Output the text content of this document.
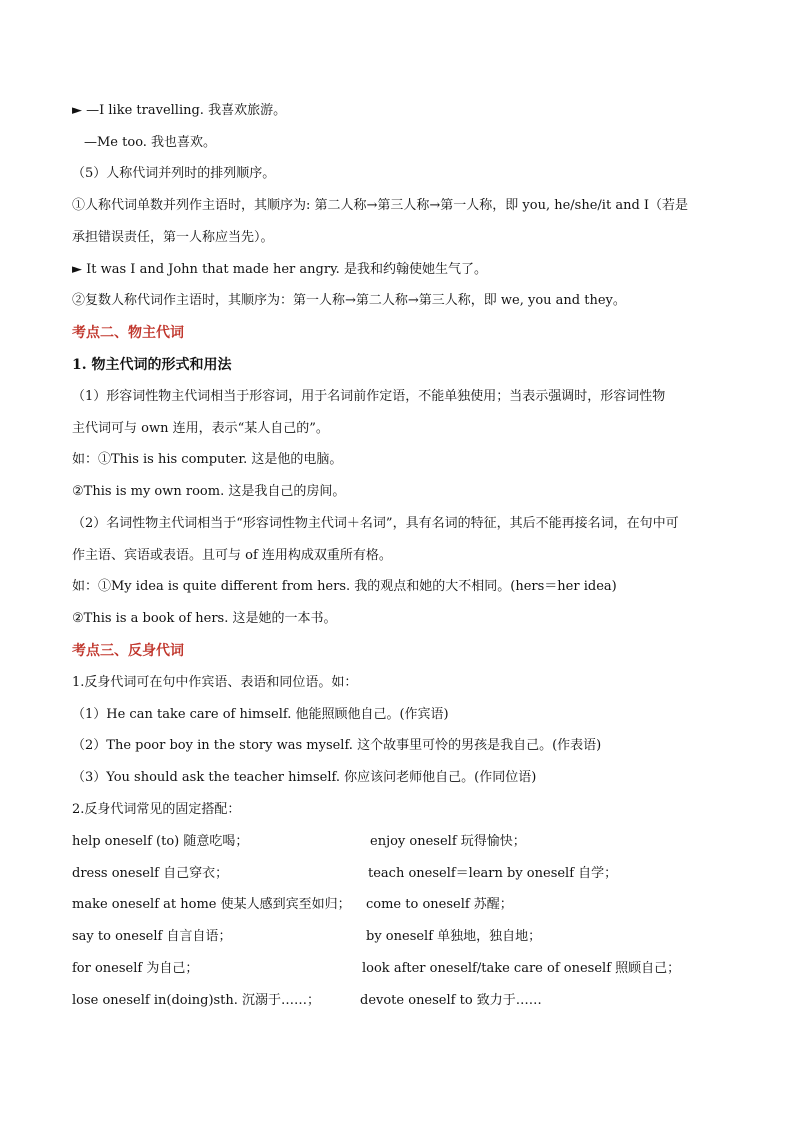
► —I like travelling. 我喜欢旅游。
—Me too. 我也喜欢。
（5）人称代词并列时的排列顺序。
①人称代词单数并列作主语时，其顺序为: 第二人称→第三人称→第一人称，即 you, he/she/it and I（若是
承担错误责任，第一人称应当先）。
► It was I and John that made her angry. 是我和约翰使她生气了。
②复数人称代词作主语时，其顺序为：第一人称→第二人称→第三人称，即 we, you and they。
考点二、物主代词
1. 物主代词的形式和用法
（1）形容词性物主代词相当于形容词，用于名词前作定语，不能单独使用；当表示强调时，形容词性物
主代词可与 own 连用，表示“某人自己的”。
如：①This is his computer. 这是他的电脑。
②This is my own room. 这是我自己的房间。
（2）名词性物主代词相当于“形容词性物主代词＋名词”，具有名词的特征，其后不能再接名词，在句中可
作主语、宾语或表语。且可与 of 连用构成双重所有格。
如：①My idea is quite different from hers. 我的观点和她的大不相同。(hers＝her idea)
②This is a book of hers. 这是她的一本书。
考点三、反身代词
1.反身代词可在句中作宾语、表语和同位语。如：
（1）He can take care of himself. 他能照顾他自己。(作宾语)
（2）The poor boy in the story was myself. 这个故事里可怜的男孩是我自己。(作表语)
（3）You should ask the teacher himself. 你应该问老师他自己。(作同位语)
2.反身代词常见的固定搭配：
help oneself (to) 随意吃喝；	enjoy oneself 玩得愉快；
dress oneself 自己穿衣；	teach oneself＝learn by oneself 自学；
make oneself at home 使某人感到宾至如归； come to oneself 苏醒；
say to oneself 自言自语；	by oneself 单独地，独自地；
for oneself 为自己；	look after oneself/take care of oneself 照顾自己；
lose oneself in(doing)sth. 沉溺于……；	devote oneself to 致力于……
